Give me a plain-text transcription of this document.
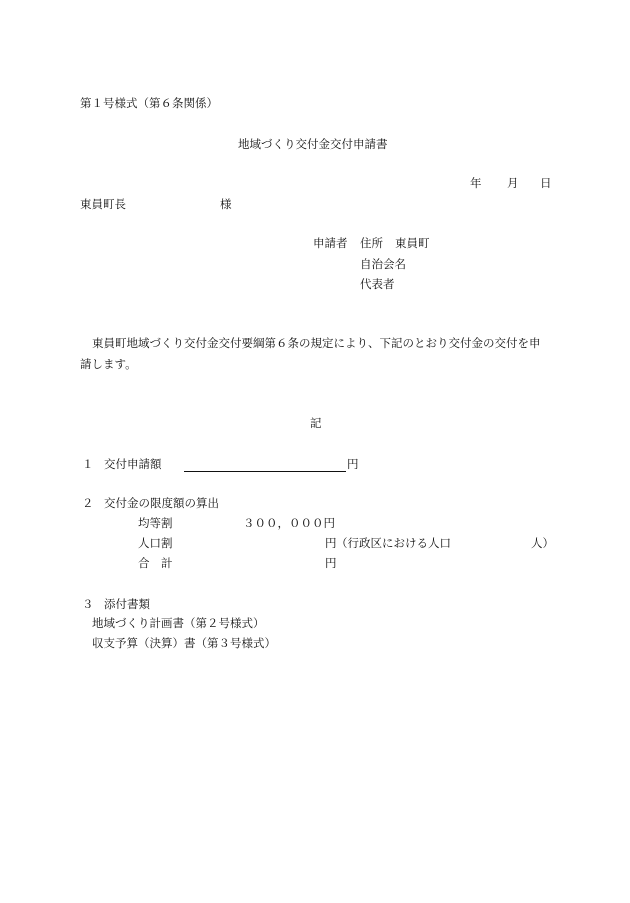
第１号様式（第６条関係）
地域づくり交付金交付申請書
年 月 日
東員町長	様
申請者 住所 東員町
自治会名
代表者
東員町地域づくり交付金交付要綱第６条の規定により、下記のとおり交付金の交付を申
請します。
記
１ 交付申請額	円
２ 交付金の限度額の算出
均等割	３００，０００円
人口割	円 （行政区における人口	人）
合　計	円
３ 添付書類
地域づくり計画書（第２号様式）
収支予算（決算）書（第３号様式）
